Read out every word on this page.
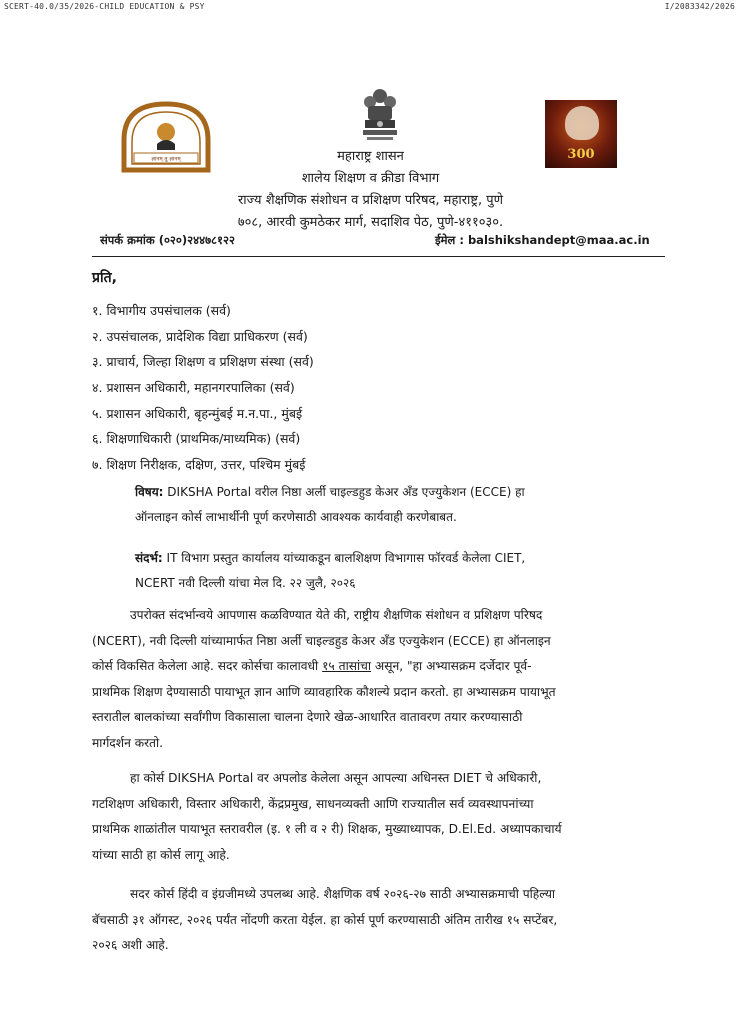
SCERT-40.0/35/2026-CHILD EDUCATION & PSY	I/2083342/2026
ज्ञानम् तु ज्ञानम्	300
महाराष्ट्र शासन
शालेय शिक्षण व क्रीडा विभाग
राज्य शैक्षणिक संशोधन व प्रशिक्षण परिषद, महाराष्ट्र, पुणे
७०८, आरवी कुमठेकर मार्ग, सदाशिव पेठ, पुणे-४११०३०.
संपर्क क्रमांक (०२०)२४४७८१२२	ईमेल : balshikshandept@maa.ac.in
प्रति,
१. विभागीय उपसंचालक (सर्व)
२. उपसंचालक, प्रादेशिक विद्या प्राधिकरण (सर्व)
३. प्राचार्य, जिल्हा शिक्षण व प्रशिक्षण संस्था (सर्व)
४. प्रशासन अधिकारी, महानगरपालिका (सर्व)
५. प्रशासन अधिकारी, बृहन्मुंबई म.न.पा., मुंबई
६. शिक्षणाधिकारी (प्राथमिक/माध्यमिक) (सर्व)
७. शिक्षण निरीक्षक, दक्षिण, उत्तर, पश्चिम मुंबई
विषय: DIKSHA Portal वरील निष्ठा अर्ली चाइल्डहुड केअर अँड एज्युकेशन (ECCE) हा
ऑनलाइन कोर्स लाभार्थीनी पूर्ण करणेसाठी आवश्यक कार्यवाही करणेबाबत.
संदर्भ: IT विभाग प्रस्तुत कार्यालय यांच्याकडून बालशिक्षण विभागास फॉरवर्ड केलेला CIET,
NCERT नवी दिल्ली यांचा मेल दि. २२ जुलै, २०२६
उपरोक्त संदर्भान्वये आपणास कळविण्यात येते की, राष्ट्रीय शैक्षणिक संशोधन व प्रशिक्षण परिषद
(NCERT), नवी दिल्ली यांच्यामार्फत निष्ठा अर्ली चाइल्डहुड केअर अँड एज्युकेशन (ECCE) हा ऑनलाइन
कोर्स विकसित केलेला आहे. सदर कोर्सचा कालावधी १५ तासांचा असून, "हा अभ्यासक्रम दर्जेदार पूर्व-
प्राथमिक शिक्षण देण्यासाठी पायाभूत ज्ञान आणि व्यावहारिक कौशल्ये प्रदान करतो. हा अभ्यासक्रम पायाभूत
स्तरातील बालकांच्या सर्वांगीण विकासाला चालना देणारे खेळ-आधारित वातावरण तयार करण्यासाठी
मार्गदर्शन करतो.
हा कोर्स DIKSHA Portal वर अपलोड केलेला असून आपल्या अधिनस्त DIET चे अधिकारी,
गटशिक्षण अधिकारी, विस्तार अधिकारी, केंद्रप्रमुख, साधनव्यक्ती आणि राज्यातील सर्व व्यवस्थापनांच्या
प्राथमिक शाळांतील पायाभूत स्तरावरील (इ. १ ली व २ री) शिक्षक, मुख्याध्यापक, D.El.Ed. अध्यापकाचार्य
यांच्या साठी हा कोर्स लागू आहे.
सदर कोर्स हिंदी व इंग्रजीमध्ये उपलब्ध आहे. शैक्षणिक वर्ष २०२६-२७ साठी अभ्यासक्रमाची पहिल्या
बॅचसाठी ३१ ऑगस्ट, २०२६ पर्यंत नोंदणी करता येईल. हा कोर्स पूर्ण करण्यासाठी अंतिम तारीख १५ सप्टेंबर,
२०२६ अशी आहे.
